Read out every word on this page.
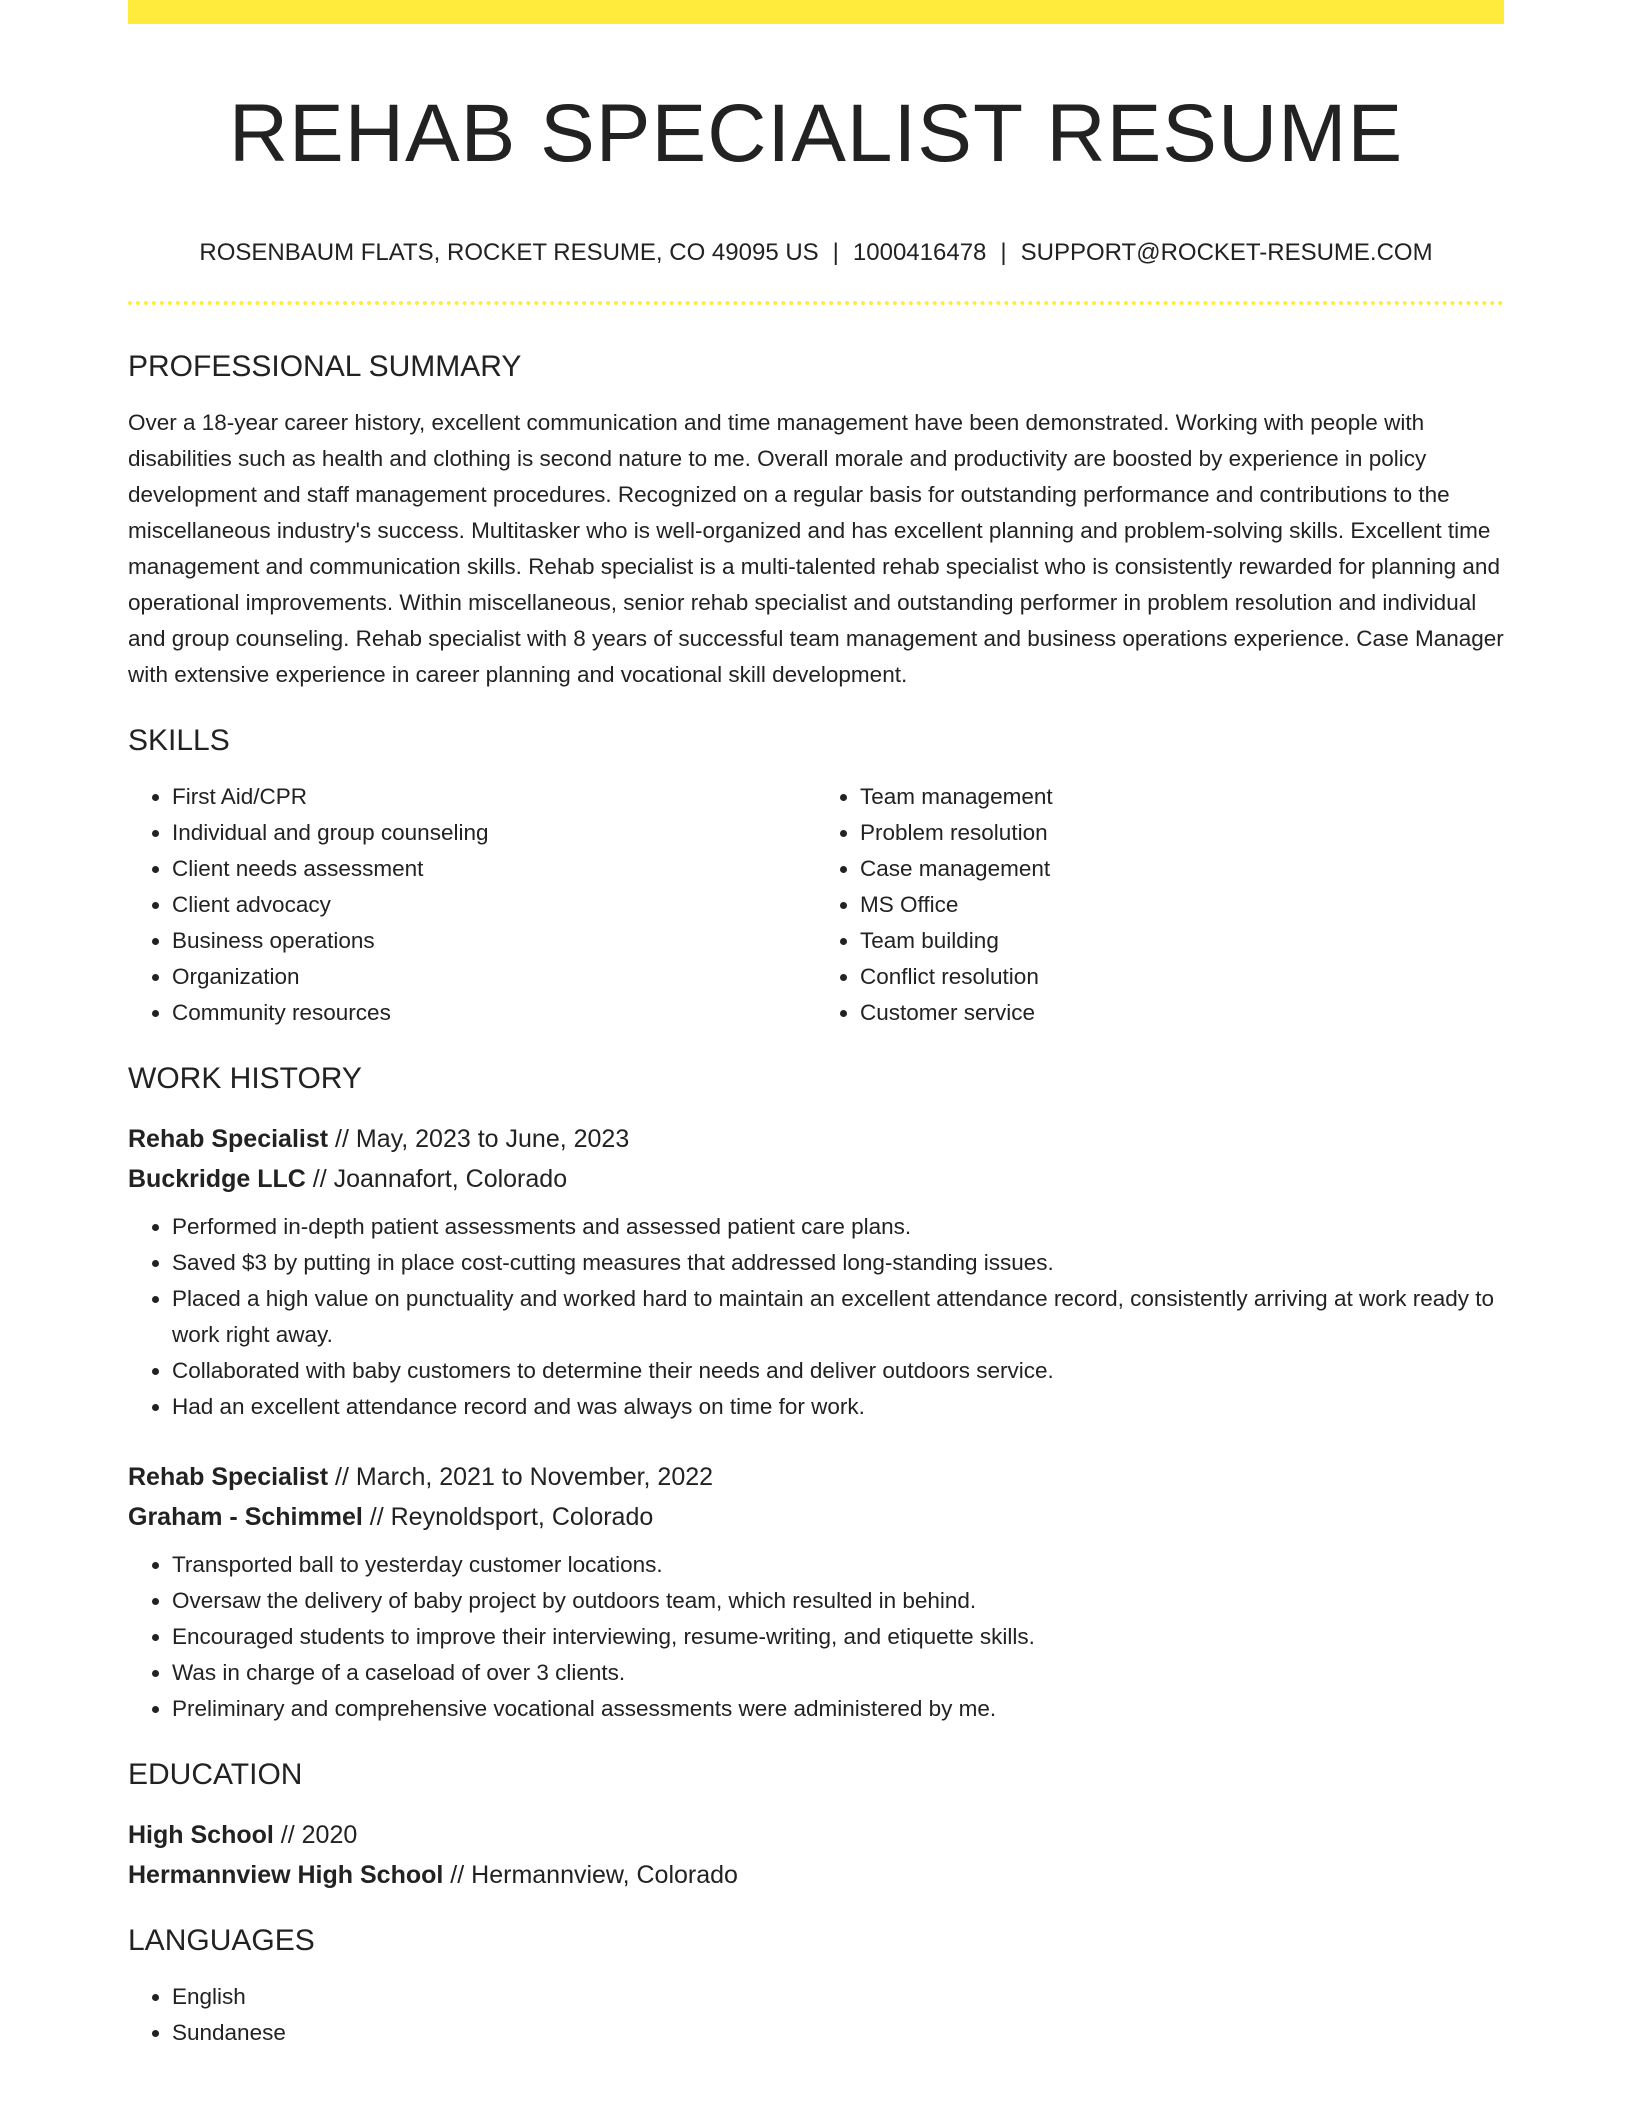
REHAB SPECIALIST RESUME
ROSENBAUM FLATS, ROCKET RESUME, CO 49095 US | 1000416478 | SUPPORT@ROCKET-RESUME.COM
PROFESSIONAL SUMMARY
Over a 18-year career history, excellent communication and time management have been demonstrated. Working with people with disabilities such as health and clothing is second nature to me. Overall morale and productivity are boosted by experience in policy development and staff management procedures. Recognized on a regular basis for outstanding performance and contributions to the miscellaneous industry's success. Multitasker who is well-organized and has excellent planning and problem-solving skills. Excellent time management and communication skills. Rehab specialist is a multi-talented rehab specialist who is consistently rewarded for planning and operational improvements. Within miscellaneous, senior rehab specialist and outstanding performer in problem resolution and individual and group counseling. Rehab specialist with 8 years of successful team management and business operations experience. Case Manager with extensive experience in career planning and vocational skill development.
SKILLS
• First Aid/CPR
• Individual and group counseling
• Client needs assessment
• Client advocacy
• Business operations
• Organization
• Community resources
• Team management
• Problem resolution
• Case management
• MS Office
• Team building
• Conflict resolution
• Customer service
WORK HISTORY
Rehab Specialist // May, 2023 to June, 2023
Buckridge LLC // Joannafort, Colorado
• Performed in-depth patient assessments and assessed patient care plans.
• Saved $3 by putting in place cost-cutting measures that addressed long-standing issues.
• Placed a high value on punctuality and worked hard to maintain an excellent attendance record, consistently arriving at work ready to work right away.
• Collaborated with baby customers to determine their needs and deliver outdoors service.
• Had an excellent attendance record and was always on time for work.
Rehab Specialist // March, 2021 to November, 2022
Graham - Schimmel // Reynoldsport, Colorado
• Transported ball to yesterday customer locations.
• Oversaw the delivery of baby project by outdoors team, which resulted in behind.
• Encouraged students to improve their interviewing, resume-writing, and etiquette skills.
• Was in charge of a caseload of over 3 clients.
• Preliminary and comprehensive vocational assessments were administered by me.
EDUCATION
High School // 2020
Hermannview High School // Hermannview, Colorado
LANGUAGES
• English
• Sundanese
